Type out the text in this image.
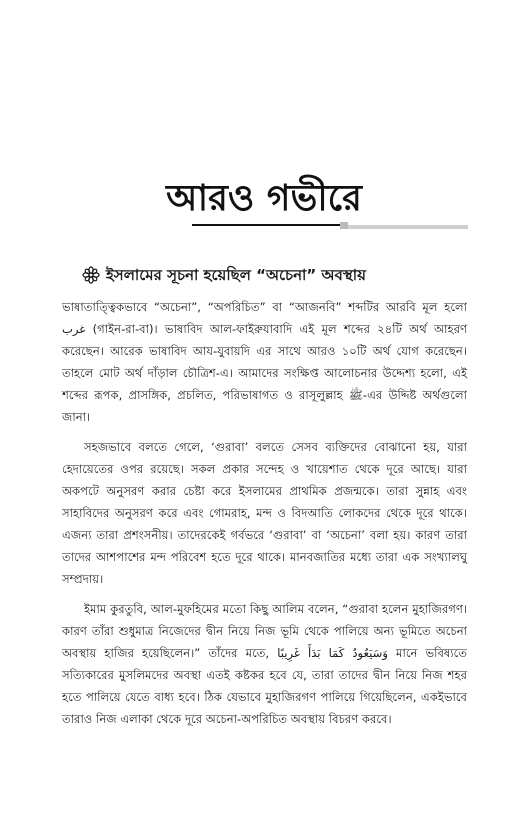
আরও গভীরে
ইসলামের সূচনা হয়েছিল “অচেনা” অবস্থায়

ভাষাতাত্ত্বিকভাবে “অচেনা”, “অপরিচিত” বা “আজনবি” শব্দটির আরবি মূল হলো غرب (গাইন-রা-বা)। ভাষাবিদ আল-ফাইরুযাবাদি এই মূল শব্দের ২৪টি অর্থ আহরণ করেছেন। আরেক ভাষাবিদ আয-যুবায়দি এর সাথে আরও ১০টি অর্থ যোগ করেছেন। তাহলে মোট অর্থ দাঁড়াল চৌত্রিশ-এ। আমাদের সংক্ষিপ্ত আলোচনার উদ্দেশ্য হলো, এই শব্দের রূপক, প্রাসঙ্গিক, প্রচলিত, পরিভাষাগত ও রাসূলুল্লাহ ﷺ-এর উদ্দিষ্ট অর্থগুলো জানা।

সহজভাবে বলতে গেলে, ‘গুরাবা’ বলতে সেসব ব্যক্তিদের বোঝানো হয়, যারা হেদায়েতের ওপর রয়েছে। সকল প্রকার সন্দেহ ও খায়েশাত থেকে দূরে আছে। যারা অকপটে অনুসরণ করার চেষ্টা করে ইসলামের প্রাথমিক প্রজন্মকে। তারা সুন্নাহ এবং সাহাবিদের অনুসরণ করে এবং গোমরাহ, মন্দ ও বিদআতি লোকদের থেকে দূরে থাকে। এজন্য তারা প্রশংসনীয়। তাদেরকেই গর্বভরে ‘গুরাবা’ বা ‘অচেনা’ বলা হয়। কারণ তারা তাদের আশপাশের মন্দ পরিবেশ হতে দূরে থাকে। মানবজাতির মধ্যে তারা এক সংখ্যালঘু সম্প্রদায়।

ইমাম কুরতুবি, আল-মুফহিমের মতো কিছু আলিম বলেন, “গুরাবা হলেন মুহাজিরগণ। কারণ তাঁরা শুধুমাত্র নিজেদের দ্বীন নিয়ে নিজ ভূমি থেকে পালিয়ে অন্য ভূমিতে অচেনা অবস্থায় হাজির হয়েছিলেন।” তাঁদের মতে, وَسَيَعُودُ كَمَا بَدَأَ غَرِيبًا মানে ভবিষ্যতে সত্যিকারের মুসলিমদের অবস্থা এতই কষ্টকর হবে যে, তারা তাদের দ্বীন নিয়ে নিজ শহর হতে পালিয়ে যেতে বাধ্য হবে। ঠিক যেভাবে মুহাজিরগণ পালিয়ে গিয়েছিলেন, একইভাবে তারাও নিজ এলাকা থেকে দূরে অচেনা-অপরিচিত অবস্থায় বিচরণ করবে।
